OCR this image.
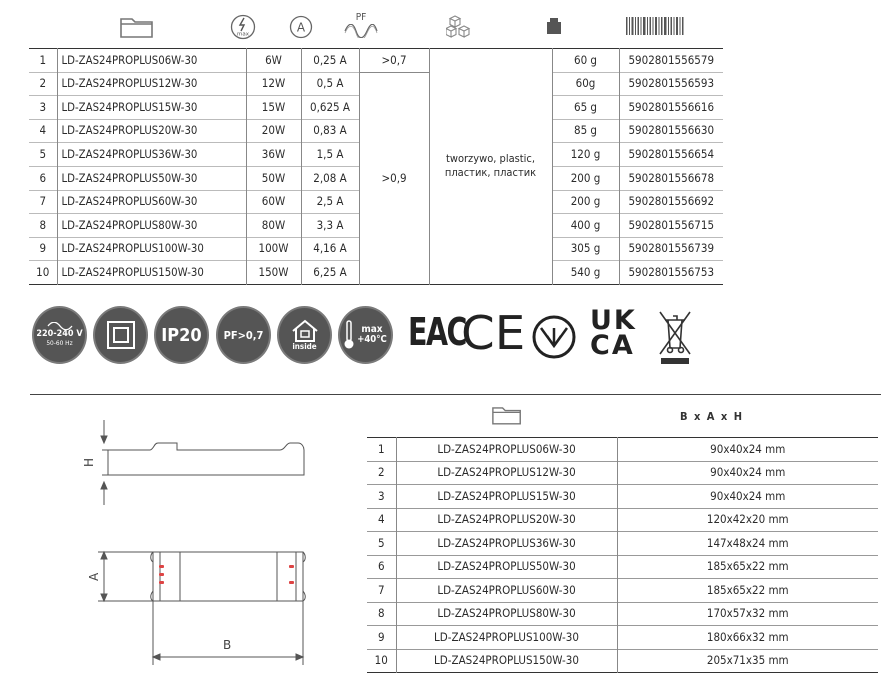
max	A
PF
1	LD-ZAS24PROPLUS06W-30	6W	0,25 A	>0,7	tworzywo, plastic, пластик, пластик	60 g	5902801556579
2	LD-ZAS24PROPLUS12W-30	12W	0,5 A	>0,9		60g	5902801556593
3	LD-ZAS24PROPLUS15W-30	15W	0,625 A			65 g	5902801556616
4	LD-ZAS24PROPLUS20W-30	20W	0,83 A			85 g	5902801556630
5	LD-ZAS24PROPLUS36W-30	36W	1,5 A			120 g	5902801556654
6	LD-ZAS24PROPLUS50W-30	50W	2,08 A			200 g	5902801556678
7	LD-ZAS24PROPLUS60W-30	60W	2,5 A			200 g	5902801556692
8	LD-ZAS24PROPLUS80W-30	80W	3,3 A			400 g	5902801556715
9	LD-ZAS24PROPLUS100W-30	100W	4,16 A			305 g	5902801556739
10	LD-ZAS24PROPLUS150W-30	150W	6,25 A			540 g	5902801556753
220-240 V
50-60 Hz	IP20 PF>0,7
inside
max
+40°C EAC
CE UK
CA
H
A
B
B x A x H
1	LD-ZAS24PROPLUS06W-30	90x40x24 mm
2	LD-ZAS24PROPLUS12W-30	90x40x24 mm
3	LD-ZAS24PROPLUS15W-30	90x40x24 mm
4	LD-ZAS24PROPLUS20W-30	120x42x20 mm
5	LD-ZAS24PROPLUS36W-30	147x48x24 mm
6	LD-ZAS24PROPLUS50W-30	185x65x22 mm
7	LD-ZAS24PROPLUS60W-30	185x65x22 mm
8	LD-ZAS24PROPLUS80W-30	170x57x32 mm
9	LD-ZAS24PROPLUS100W-30	180x66x32 mm
10	LD-ZAS24PROPLUS150W-30	205x71x35 mm
